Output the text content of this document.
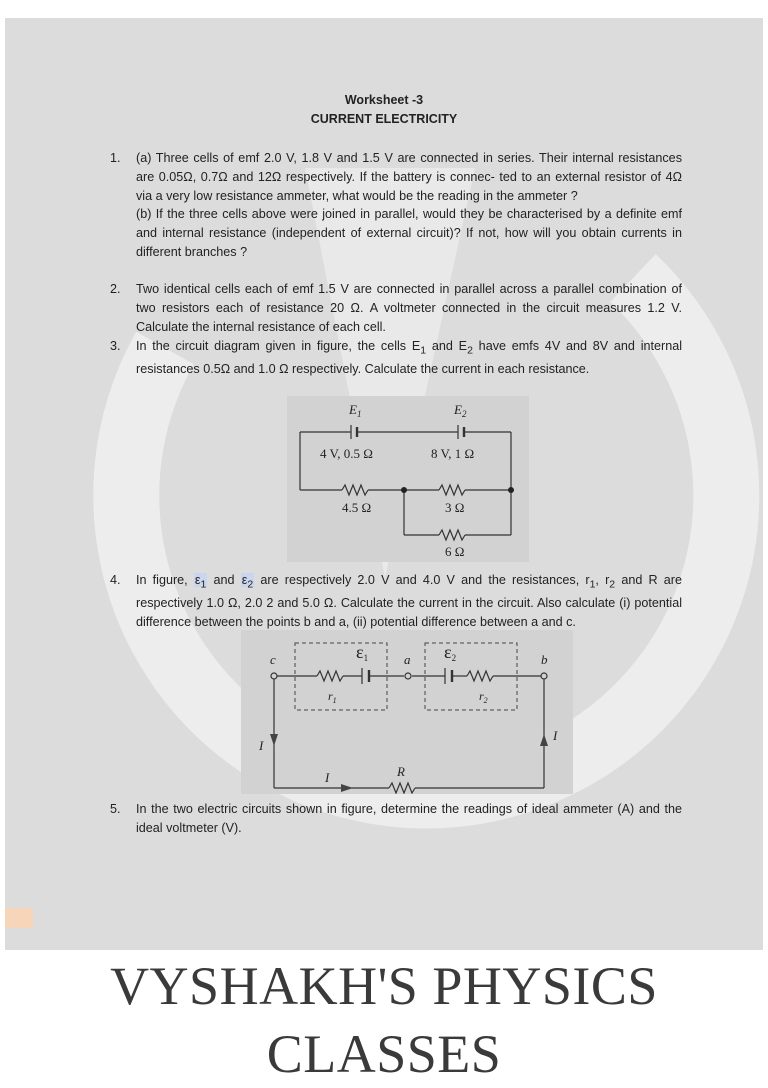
Worksheet -3
CURRENT ELECTRICITY
1. (a) Three cells of emf 2.0 V, 1.8 V and 1.5 V are connected in series. Their internal resistances are 0.05Ω, 0.7Ω and 12Ω respectively. If the battery is connec- ted to an external resistor of 4Ω via a very low resistance ammeter, what would be the reading in the ammeter ?

(b) If the three cells above were joined in parallel, would they be characterised by a definite emf and internal resistance (independent of external circuit)? If not, how will you obtain currents in different branches ?

2. Two identical cells each of emf 1.5 V are connected in parallel across a parallel combination of two resistors each of resistance 20 Ω. A voltmeter connected in the circuit measures 1.2 V. Calculate the internal resistance of each cell.

3. In the circuit diagram given in figure, the cells $E_1$ and $E_2$ have emfs 4V and 8V and internal resistances 0.5Ω and 1.0 Ω respectively. Calculate the current in each resistance.

$E_1$	$E_2$
4 V, 0.5 Ω	8 V, 1 Ω
4.5 Ω	3 Ω
6 Ω
4. In figure, $\varepsilon_1$ and $\varepsilon_2$ are respectively 2.0 V and 4.0 V and the resistances, $r_1$, $r_2$ and R are respectively 1.0 Ω, 2.0 2 and 5.0 Ω. Calculate the current in the circuit. Also calculate (i) potential difference between the points b and a, (ii) potential difference between a and c.

c	a	b
ε1	ε2
$r_1$	$r_2$
I
I
I	R
5. In the two electric circuits shown in figure, determine the readings of ideal ammeter (A) and the ideal voltmeter (V).

VYSHAKH'S PHYSICS CLASSES
